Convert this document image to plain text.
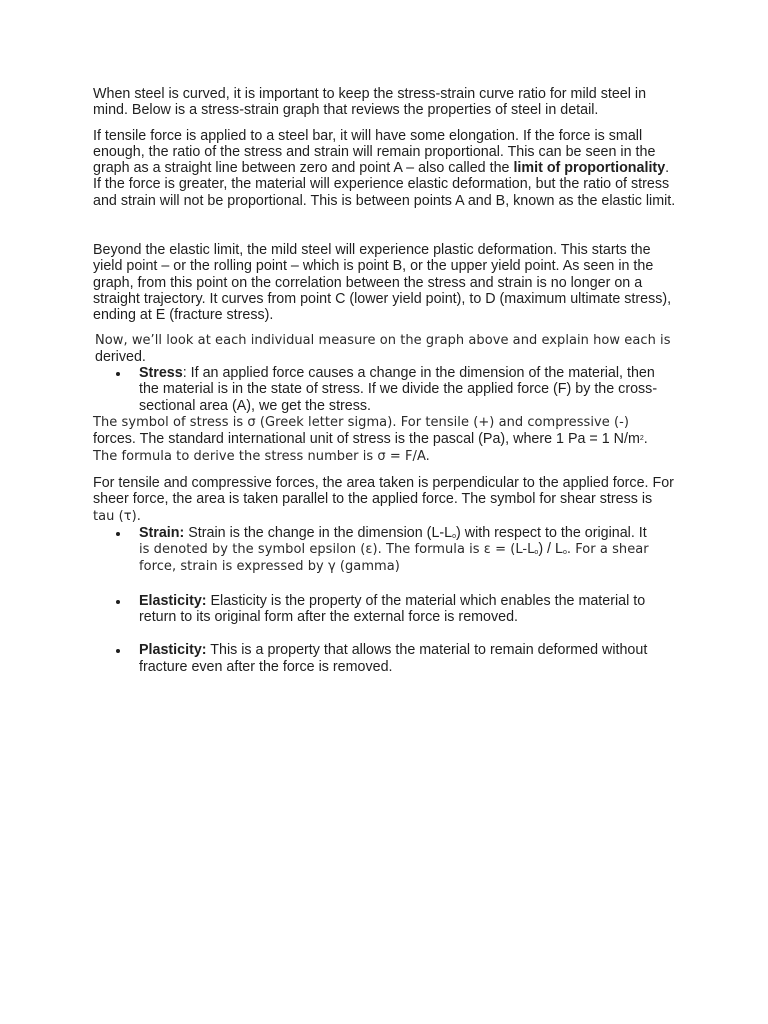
When steel is curved, it is important to keep the stress-strain curve ratio for mild steel in mind. Below is a stress-strain graph that reviews the properties of steel in detail.

If tensile force is applied to a steel bar, it will have some elongation. If the force is small enough, the ratio of the stress and strain will remain proportional. This can be seen in the graph as a straight line between zero and point A – also called the limit of proportionality. If the force is greater, the material will experience elastic deformation, but the ratio of stress and strain will not be proportional. This is between points A and B, known as the elastic limit.

Beyond the elastic limit, the mild steel will experience plastic deformation. This starts the yield point – or the rolling point – which is point B, or the upper yield point. As seen in the graph, from this point on the correlation between the stress and strain is no longer on a straight trajectory. It curves from point C (lower yield point), to D (maximum ultimate stress), ending at E (fracture stress).

Now, we’ll look at each individual measure on the graph above and explain how each is
derived.

Stress: If an applied force causes a change in the dimension of the material, then the material is in the state of stress. If we divide the applied force (F) by the cross-sectional area (A), we get the stress.

The symbol of stress is σ (Greek letter sigma). For tensile (+) and compressive (-)
forces. The standard international unit of stress is the pascal (Pa), where 1 Pa = 1 $N/m^2$.
The formula to derive the stress number is σ = F/A.

For tensile and compressive forces, the area taken is perpendicular to the applied force. For sheer force, the area is taken parallel to the applied force. The symbol for shear stress is tau (τ).

Strain: Strain is the change in the dimension $(L-L_o)$ with respect to the original. It
is denoted by the symbol epsilon (ε). The formula is $\varepsilon = (L-L_o) / L_o$. For a shear force, strain is expressed by γ (gamma)
Elasticity: Elasticity is the property of the material which enables the material to return to its original form after the external force is removed.
Plasticity: This is a property that allows the material to remain deformed without fracture even after the force is removed.
